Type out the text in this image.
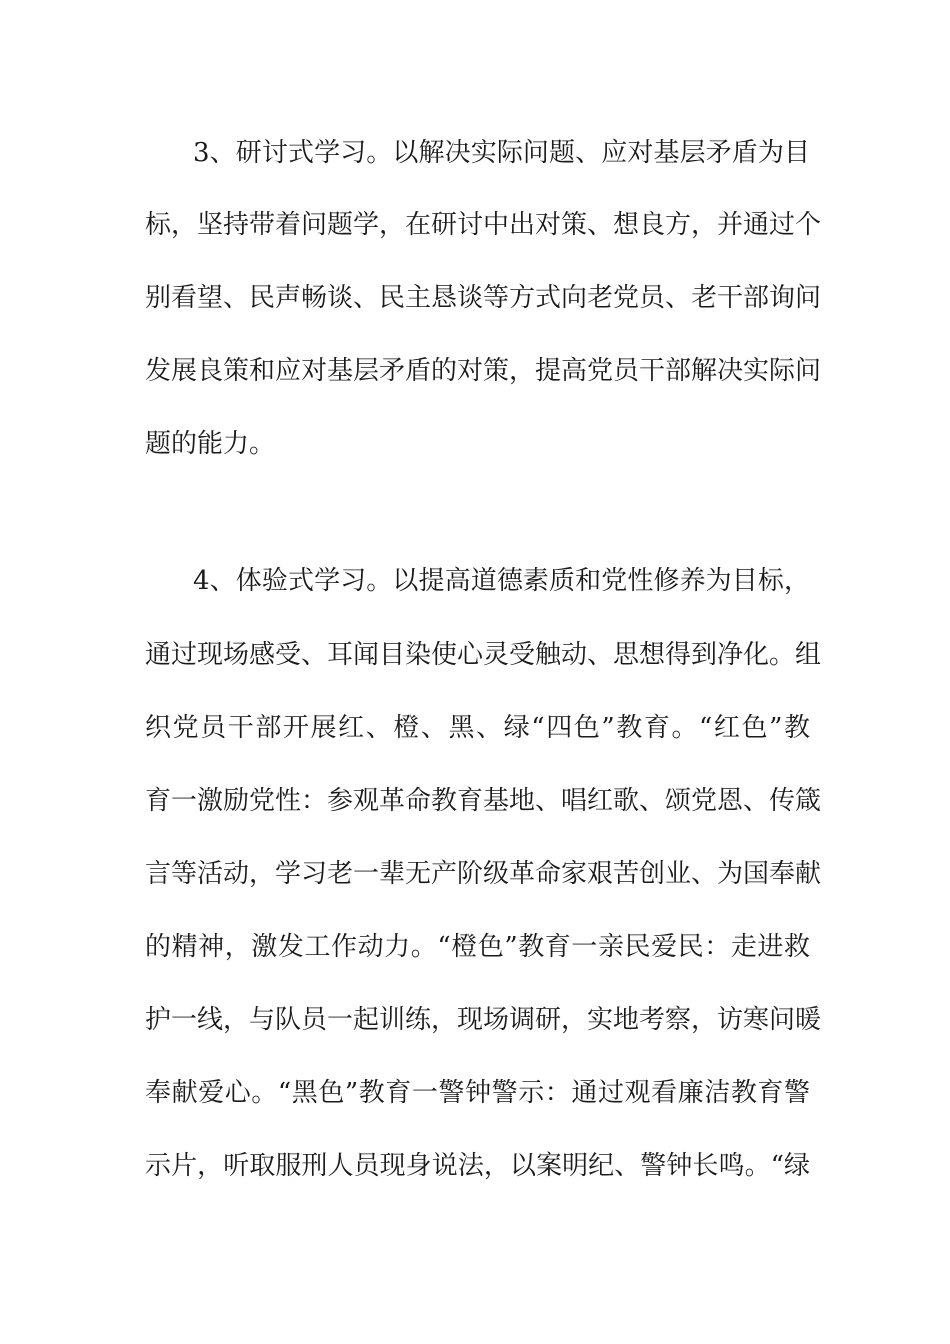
3、研讨式学习。以解决实际问题、应对基层矛盾为目
标，坚持带着问题学，在研讨中出对策、想良方，并通过个
别看望、民声畅谈、民主恳谈等方式向老党员、老干部询问
发展良策和应对基层矛盾的对策，提高党员干部解决实际问
题的能力。
4、体验式学习。以提高道德素质和党性修养为目标，
通过现场感受、耳闻目染使心灵受触动、思想得到净化。组
织党员干部开展红、橙、黑、绿“四色”教育。“红色”教
育一激励党性：参观革命教育基地、唱红歌、颂党恩、传箴
言等活动，学习老一辈无产阶级革命家艰苦创业、为国奉献
的精神，激发工作动力。“橙色”教育一亲民爱民：走进救
护一线，与队员一起训练，现场调研，实地考察，访寒问暖
奉献爱心。“黑色”教育一警钟警示：通过观看廉洁教育警
示片，听取服刑人员现身说法，以案明纪、警钟长鸣。“绿
